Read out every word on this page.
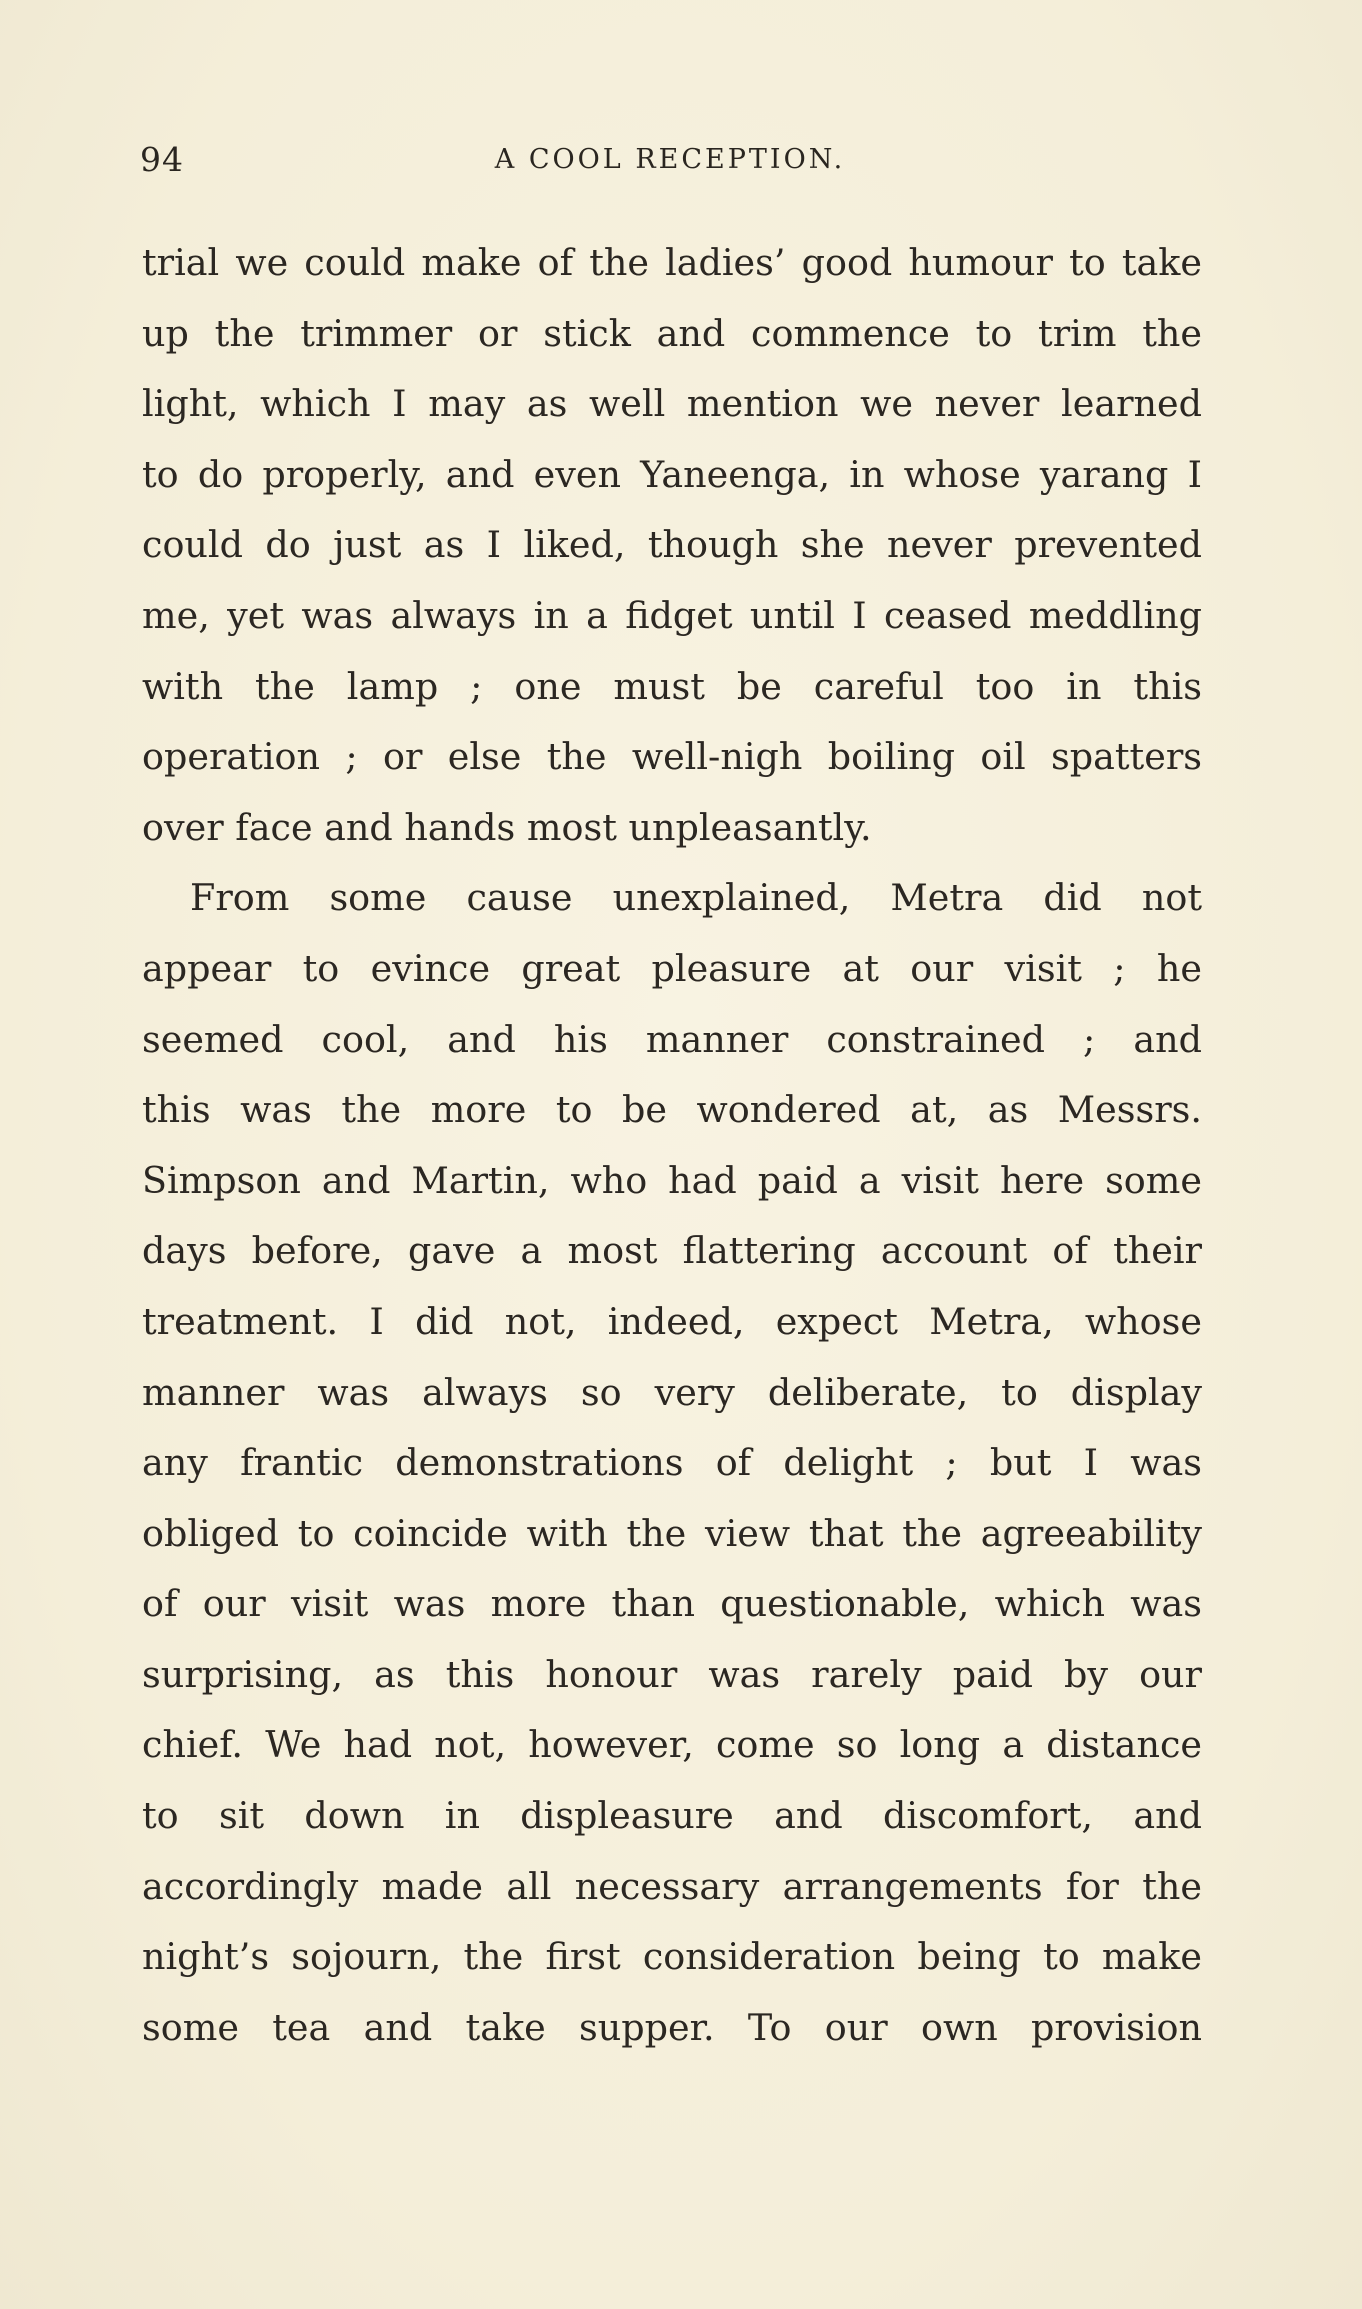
94	A COOL RECEPTION.
trial we could make of the ladies’ good humour to take
up the trimmer or stick and commence to trim the
light, which I may as well mention we never learned
to do properly, and even Yaneenga, in whose yarang I
could do just as I liked, though she never prevented
me, yet was always in a fidget until I ceased meddling
with the lamp ; one must be careful too in this
operation ; or else the well-nigh boiling oil spatters
over face and hands most unpleasantly.
From some cause unexplained, Metra did not
appear to evince great pleasure at our visit ; he
seemed cool, and his manner constrained ; and
this was the more to be wondered at, as Messrs.
Simpson and Martin, who had paid a visit here some
days before, gave a most flattering account of their
treatment. I did not, indeed, expect Metra, whose
manner was always so very deliberate, to display
any frantic demonstrations of delight ; but I was
obliged to coincide with the view that the agreeability
of our visit was more than questionable, which was
surprising, as this honour was rarely paid by our
chief. We had not, however, come so long a distance
to sit down in displeasure and discomfort, and
accordingly made all necessary arrangements for the
night’s sojourn, the first consideration being to make
some tea and take supper. To our own provision
